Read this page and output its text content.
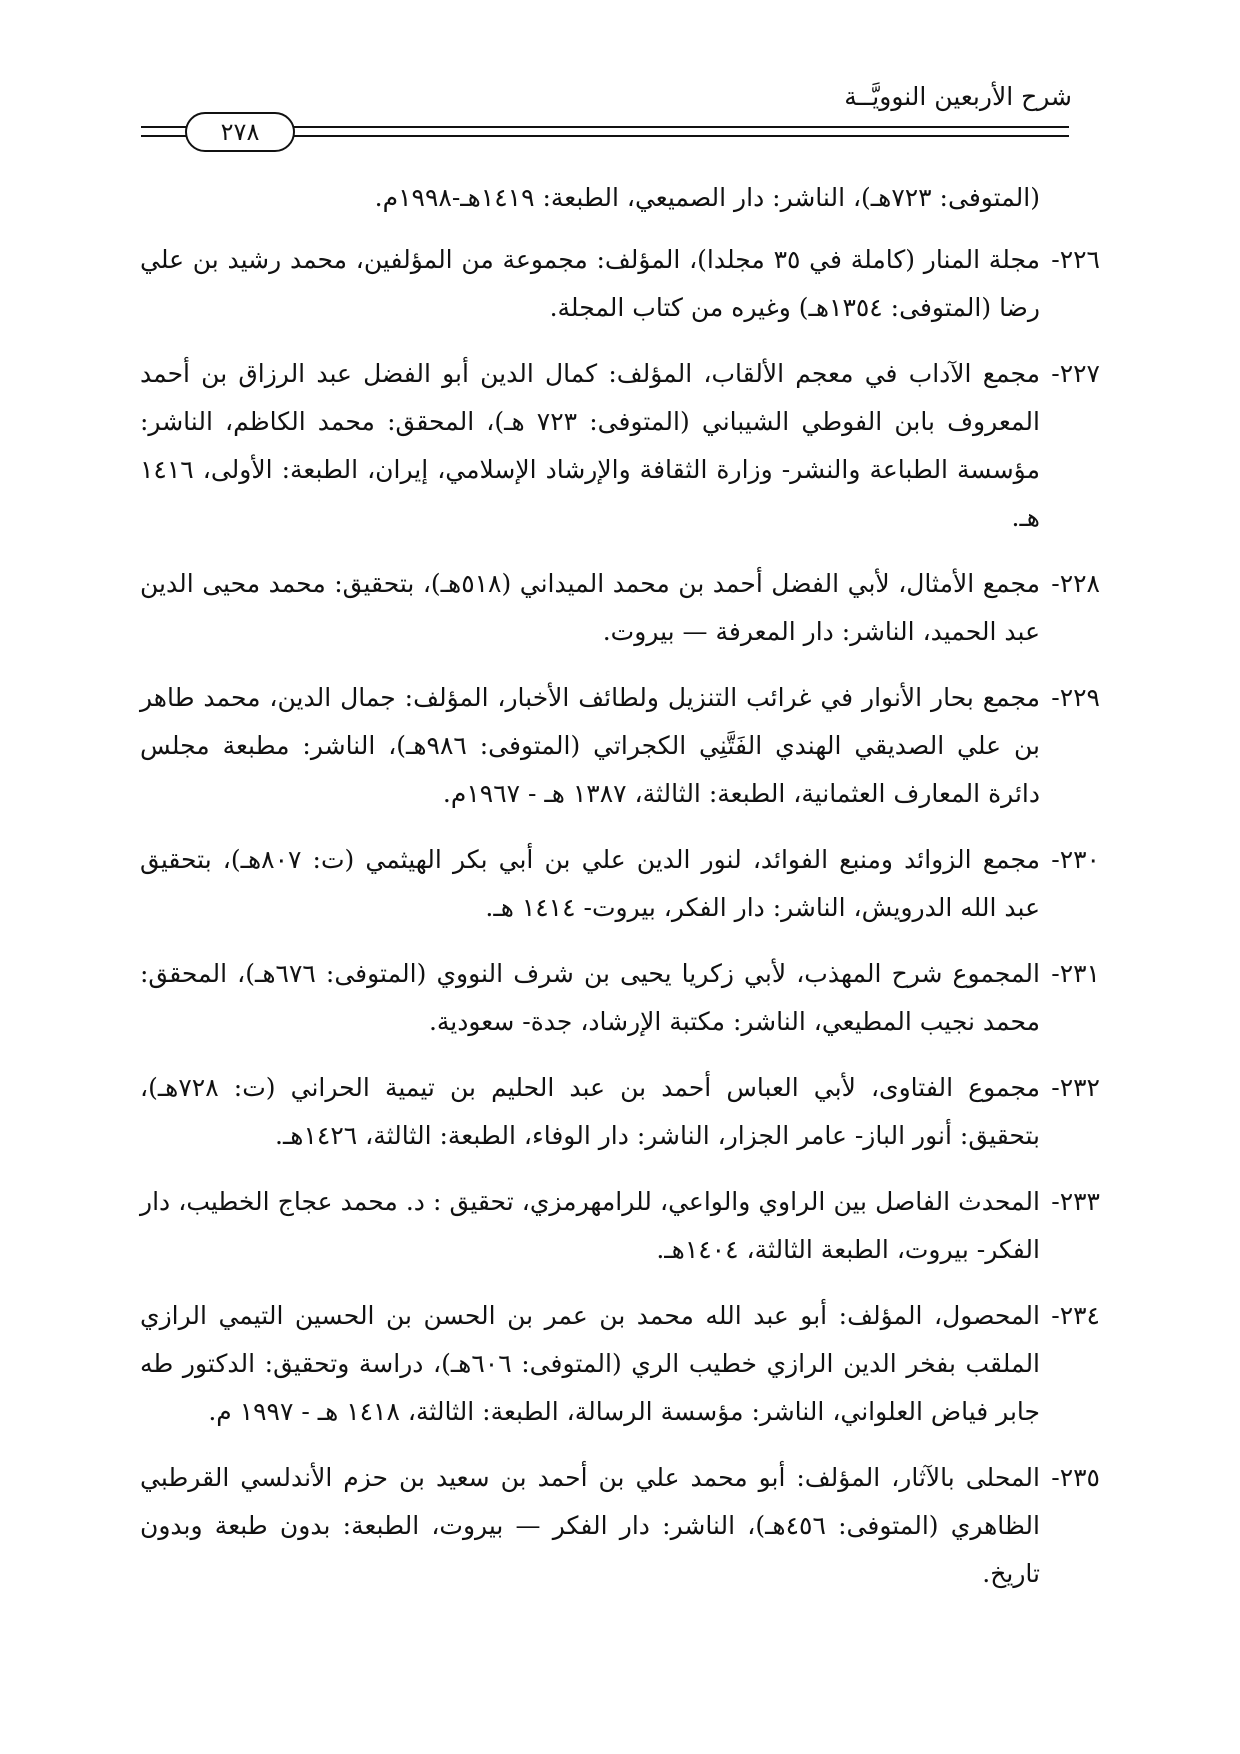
شرح الأربعين النوويَّــة
٢٧٨
(المتوفى: ٧٢٣هـ)، الناشر: دار الصميعي، الطبعة: ١٤١٩هـ-١٩٩٨م.
٢٢٦-
مجلة المنار (كاملة في ٣٥ مجلدا)، المؤلف: مجموعة من المؤلفين، محمد رشيد بن علي رضا (المتوفى: ١٣٥٤هـ) وغيره من كتاب المجلة.
٢٢٧-
مجمع الآداب في معجم الألقاب، المؤلف: كمال الدين أبو الفضل عبد الرزاق بن أحمد المعروف بابن الفوطي الشيباني (المتوفى: ٧٢٣ هـ)، المحقق: محمد الكاظم، الناشر: مؤسسة الطباعة والنشر- وزارة الثقافة والإرشاد الإسلامي، إيران، الطبعة: الأولى، ١٤١٦ هـ.
٢٢٨-
مجمع الأمثال، لأبي الفضل أحمد بن محمد الميداني (٥١٨هـ)، بتحقيق: محمد محيى الدين عبد الحميد، الناشر: دار المعرفة — بيروت.
٢٢٩-
مجمع بحار الأنوار في غرائب التنزيل ولطائف الأخبار، المؤلف: جمال الدين، محمد طاهر بن علي الصديقي الهندي الفَتَّنِي الكجراتي (المتوفى: ٩٨٦هـ)، الناشر: مطبعة مجلس دائرة المعارف العثمانية، الطبعة: الثالثة، ١٣٨٧ هـ - ١٩٦٧م.
٢٣٠-
مجمع الزوائد ومنبع الفوائد، لنور الدين علي بن أبي بكر الهيثمي (ت: ٨٠٧هـ)، بتحقيق عبد الله الدرويش، الناشر: دار الفكر، بيروت- ١٤١٤ هـ.
٢٣١-
المجموع شرح المهذب، لأبي زكريا يحيى بن شرف النووي (المتوفى: ٦٧٦هـ)، المحقق: محمد نجيب المطيعي، الناشر: مكتبة الإرشاد، جدة- سعودية.
٢٣٢-
مجموع الفتاوى، لأبي العباس أحمد بن عبد الحليم بن تيمية الحراني (ت: ٧٢٨هـ)، بتحقيق: أنور الباز- عامر الجزار، الناشر: دار الوفاء، الطبعة: الثالثة، ١٤٢٦هـ.
٢٣٣-
المحدث الفاصل بين الراوي والواعي، للرامهرمزي، تحقيق : د. محمد عجاج الخطيب، دار الفكر- بيروت، الطبعة الثالثة، ١٤٠٤هـ.
٢٣٤-
المحصول، المؤلف: أبو عبد الله محمد بن عمر بن الحسن بن الحسين التيمي الرازي الملقب بفخر الدين الرازي خطيب الري (المتوفى: ٦٠٦هـ)، دراسة وتحقيق: الدكتور طه جابر فياض العلواني، الناشر: مؤسسة الرسالة، الطبعة: الثالثة، ١٤١٨ هـ - ١٩٩٧ م.
٢٣٥-
المحلى بالآثار، المؤلف: أبو محمد علي بن أحمد بن سعيد بن حزم الأندلسي القرطبي الظاهري (المتوفى: ٤٥٦هـ)، الناشر: دار الفكر — بيروت، الطبعة: بدون طبعة وبدون تاريخ.
